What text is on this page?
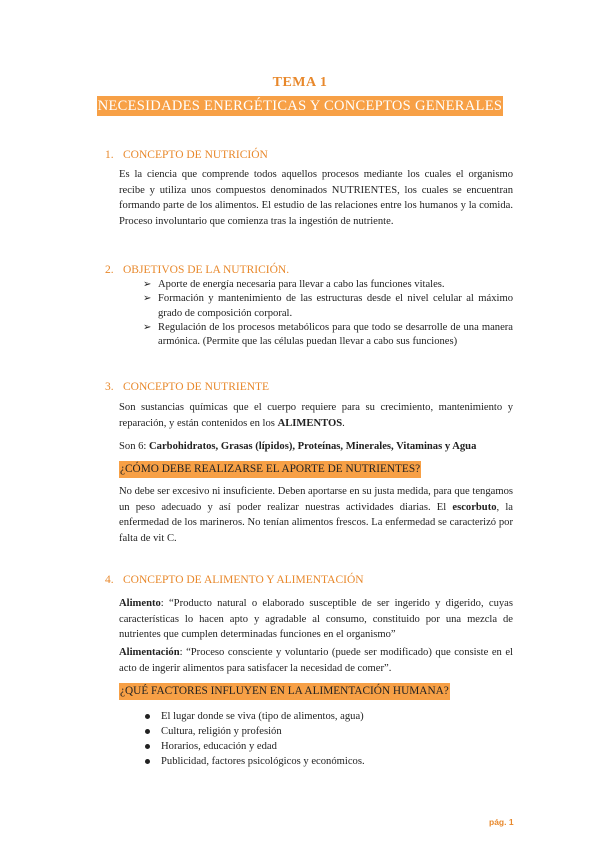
TEMA 1
NECESIDADES ENERGÉTICAS Y CONCEPTOS GENERALES
1. CONCEPTO DE NUTRICIÓN
Es la ciencia que comprende todos aquellos procesos mediante los cuales el organismo recibe y utiliza unos compuestos denominados NUTRIENTES, los cuales se encuentran formando parte de los alimentos. El estudio de las relaciones entre los humanos y la comida. Proceso involuntario que comienza tras la ingestión de nutriente.
2. OBJETIVOS DE LA NUTRICIÓN.
➢ Aporte de energía necesaria para llevar a cabo las funciones vitales.
➢ Formación y mantenimiento de las estructuras desde el nivel celular al máximo grado de composición corporal.
➢ Regulación de los procesos metabólicos para que todo se desarrolle de una manera armónica. (Permite que las células puedan llevar a cabo sus funciones)
3. CONCEPTO DE NUTRIENTE
Son sustancias químicas que el cuerpo requiere para su crecimiento, mantenimiento y reparación, y están contenidos en los ALIMENTOS.
Son 6: Carbohidratos, Grasas (lípidos), Proteínas, Minerales, Vitaminas y Agua
¿CÓMO DEBE REALIZARSE EL APORTE DE NUTRIENTES?
No debe ser excesivo ni insuficiente. Deben aportarse en su justa medida, para que tengamos un peso adecuado y así poder realizar nuestras actividades diarias. El escorbuto, la enfermedad de los marineros. No tenían alimentos frescos. La enfermedad se caracterizó por falta de vit C.
4. CONCEPTO DE ALIMENTO Y ALIMENTACIÓN
Alimento: “Producto natural o elaborado susceptible de ser ingerido y digerido, cuyas características lo hacen apto y agradable al consumo, constituido por una mezcla de nutrientes que cumplen determinadas funciones en el organismo”
Alimentación: “Proceso consciente y voluntario (puede ser modificado) que consiste en el acto de ingerir alimentos para satisfacer la necesidad de comer”.
¿QUÉ FACTORES INFLUYEN EN LA ALIMENTACIÓN HUMANA?
El lugar donde se viva (tipo de alimentos, agua)
Cultura, religión y profesión
Horarios, educación y edad
Publicidad, factores psicológicos y económicos.
pág. 1
